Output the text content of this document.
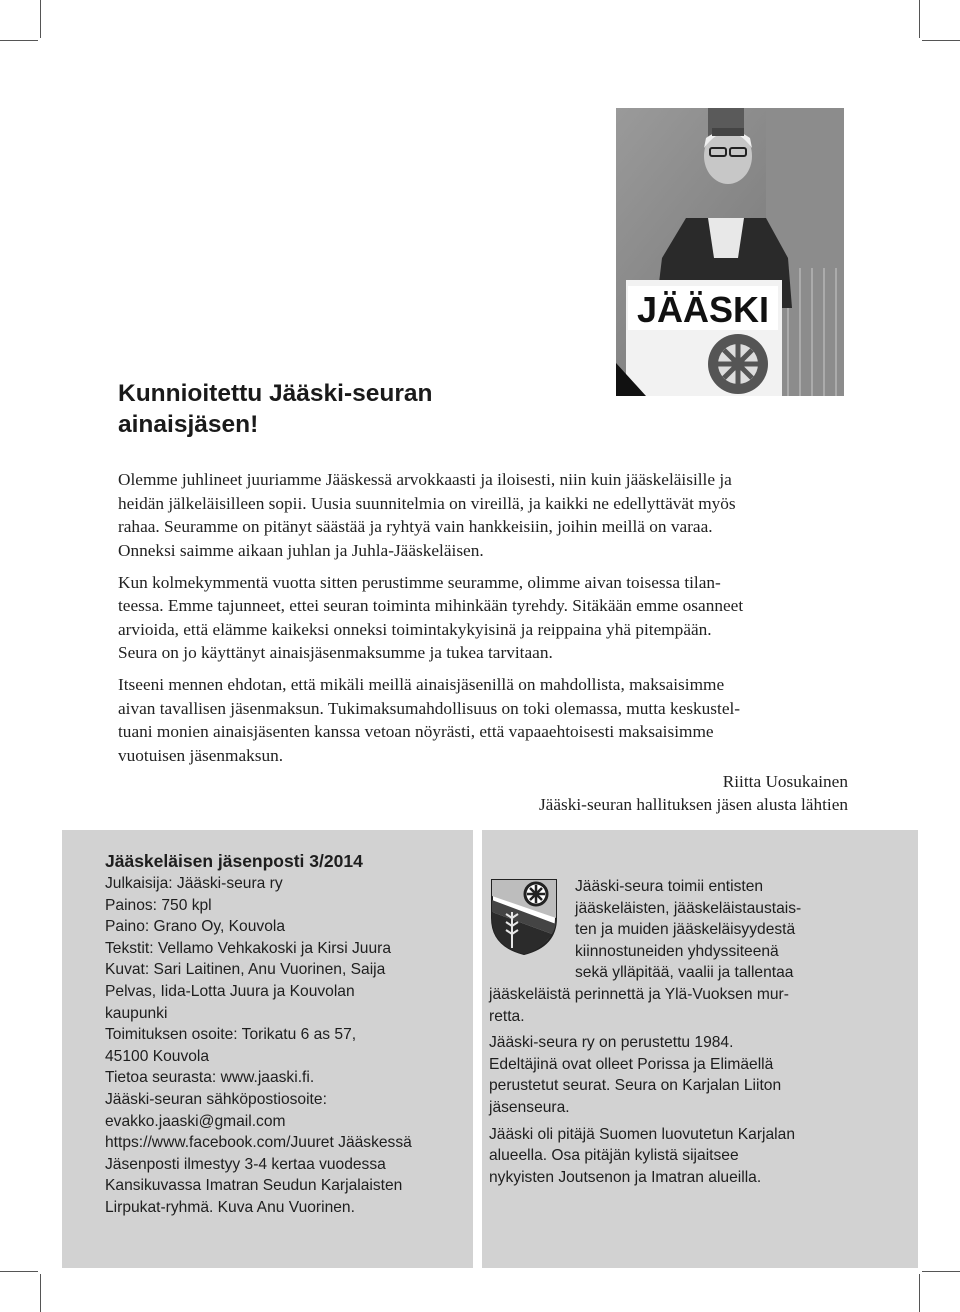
JÄÄSKI
Kunnioitettu Jääski-seuran
ainaisjäsen!

Olemme juhlineet juuriamme Jääskessä arvokkaasti ja iloisesti, niin kuin jääskeläisille ja
heidän jälkeläisilleen sopii. Uusia suunnitelmia on vireillä, ja kaikki ne edellyttävät myös
rahaa. Seuramme on pitänyt säästää ja ryhtyä vain hankkeisiin, joihin meillä on varaa.
Onneksi saimme aikaan juhlan ja Juhla-Jääskeläisen.

Kun kolmekymmentä vuotta sitten perustimme seuramme, olimme aivan toisessa tilan-
teessa. Emme tajunneet, ettei seuran toiminta mihinkään tyrehdy. Sitäkään emme osanneet
arvioida, että elämme kaikeksi onneksi toimintakykyisinä ja reippaina yhä pitempään.
Seura on jo käyttänyt ainaisjäsenmaksumme ja tukea tarvitaan.

Itseeni mennen ehdotan, että mikäli meillä ainaisjäsenillä on mahdollista, maksaisimme
aivan tavallisen jäsenmaksun. Tukimaksumahdollisuus on toki olemassa, mutta keskustel-
tuani monien ainaisjäsenten kanssa vetoan nöyrästi, että vapaaehtoisesti maksaisimme
vuotuisen jäsenmaksun.

Riitta Uosukainen
Jääski-seuran hallituksen jäsen alusta lähtien
Jääskeläisen jäsenposti 3/2014
Julkaisija: Jääski-seura ry
Painos: 750 kpl
Paino: Grano Oy, Kouvola
Tekstit: Vellamo Vehkakoski ja Kirsi Juura
Kuvat: Sari Laitinen, Anu Vuorinen, Saija
Pelvas, Iida-Lotta Juura ja Kouvolan
kaupunki
Toimituksen osoite: Torikatu 6 as 57,
45100 Kouvola
Tietoa seurasta: www.jaaski.fi.
Jääski-seuran sähköpostiosoite:
evakko.jaaski@gmail.com
https://www.facebook.com/Juuret Jääskessä
Jäsenposti ilmestyy 3-4 kertaa vuodessa
Kansikuvassa Imatran Seudun Karjalaisten
Lirpukat-ryhmä. Kuva Anu Vuorinen.

Jääski-seura toimii entisten
jääskeläisten, jääskeläistaustais-
ten ja muiden jääskeläisyydestä
kiinnostuneiden yhdyssiteenä
sekä ylläpitää, vaalii ja tallentaa
jääskeläistä perinnettä ja Ylä-Vuoksen mur-
retta.

Jääski-seura ry on perustettu 1984.
Edeltäjinä ovat olleet Porissa ja Elimäellä
perustetut seurat. Seura on Karjalan Liiton
jäsenseura.

Jääski oli pitäjä Suomen luovutetun Karjalan
alueella. Osa pitäjän kylistä sijaitsee
nykyisten Joutsenon ja Imatran alueilla.
